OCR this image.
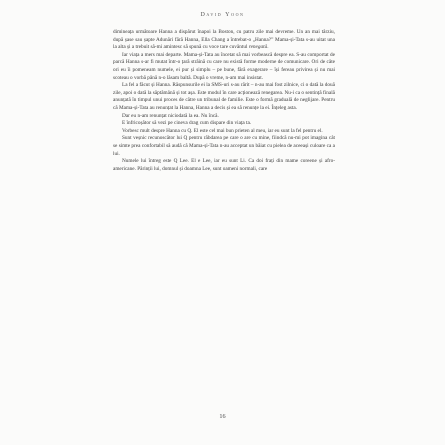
David Yoon

dimineața următoare Hanna a dispărut înapoi la Boston, cu patru zile mai devreme. Un an mai târziu, după șase sau șapte Adunări fără Hanna, Ella Chang a întrebat-o „Hanna?” Mama-și-Tata s-au uitat una la alta și a trebuit să-mi amintesc să spună cu voce tare cuvântul renegată.

Iar viața a mers mai departe. Mama-și-Tata au încetat să mai vorbească despre ea. S-au comportat de parcă Hanna s-ar fi mutat într-o țară străină cu care nu există forme moderne de comunicare. Ori de câte ori eu îi pomeneam numele, ei pur și simplu – pe bune, fără exagerare – își fereau privirea și nu mai scoteau o vorbă până n-o lăsam baltă. După o vreme, n-am mai insistat.

La fel a făcut și Hanna. Răspunsurile ei la SMS-uri s-au rărit – n-au mai fost zilnice, ci o dată la două zile, apoi o dată la săptămână și tot așa. Este modul în care acționează renegarea. Nu-i ca o sentință finală anunțată în timpul unui proces de către un tribunal de familie. Este o formă graduală de neglijare. Pentru că Mama-și-Tata au renunțat la Hanna, Hanna a decis și ea să renunțe la ei. Înțeleg asta.

Dar eu n-am renunțat niciodată la ea. Nu încă.

E înfricoșător să vezi pe cineva drag cum dispare din viața ta.

Vorbesc mult despre Hanna cu Q. El este cel mai bun prieten al meu, iar eu sunt la fel pentru el.

Sunt veșnic recunoscător lui Q pentru răbdarea pe care o are cu mine, fiindcă nu-mi pot imagina cât se simte prea confortabil să audă că Mama-și-Tata n-au acceptat un băiat cu pielea de aceeași culoare ca a lui.

Numele lui întreg este Q Lee. El e Lee, iar eu sunt Li. Ca doi frați din mame coreene și afro-americane. Părinții lui, domnul și doamna Lee, sunt oameni normali, care

16
